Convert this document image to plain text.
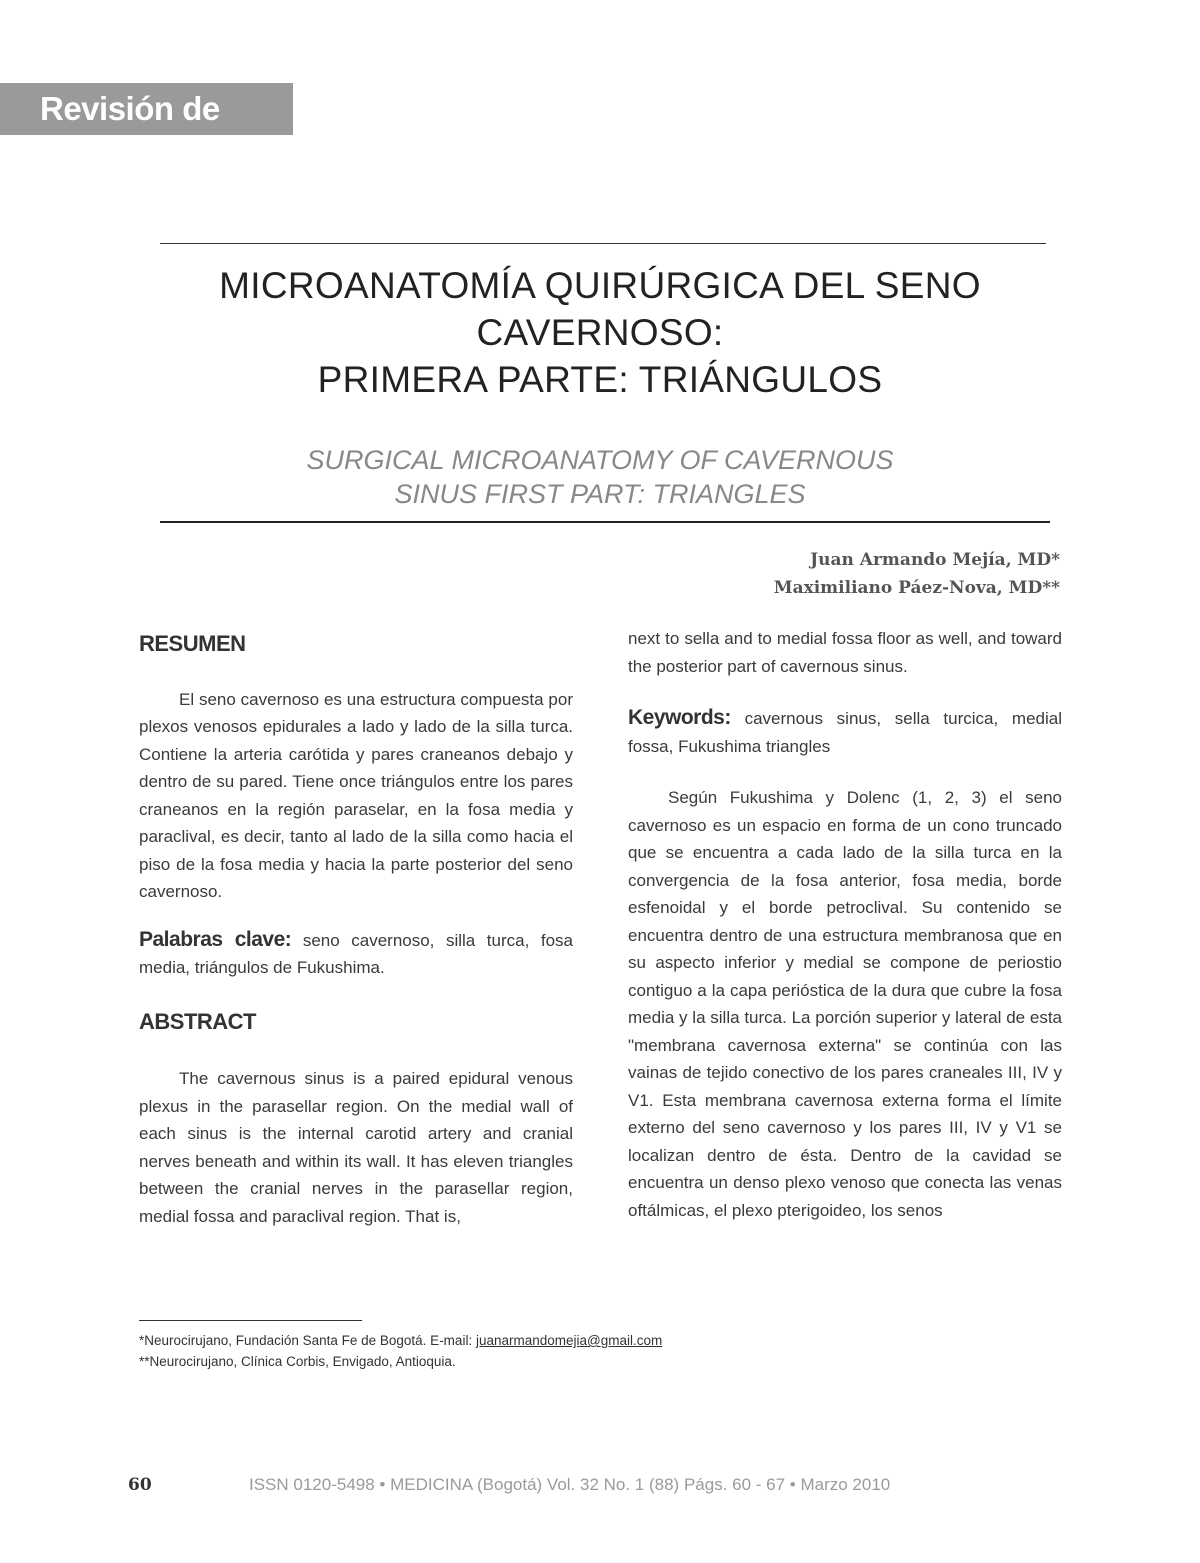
Revisión de tema
MICROANATOMÍA QUIRÚRGICA DEL SENO
CAVERNOSO:
PRIMERA PARTE: TRIÁNGULOS
SURGICAL MICROANATOMY OF CAVERNOUS
SINUS FIRST PART: TRIANGLES
Juan Armando Mejía, MD*
Maximiliano Páez-Nova, MD**
RESUMEN

El seno cavernoso es una estructura compuesta por plexos venosos epidurales a lado y lado de la silla turca. Contiene la arteria carótida y pares craneanos debajo y dentro de su pared. Tiene once triángulos entre los pares craneanos en la región paraselar, en la fosa media y paraclival, es decir, tanto al lado de la silla como hacia el piso de la fosa media y hacia la parte posterior del seno cavernoso.

Palabras clave: seno cavernoso, silla turca, fosa media, triángulos de Fukushima.

ABSTRACT

The cavernous sinus is a paired epidural venous plexus in the parasellar region. On the medial wall of each sinus is the internal carotid artery and cranial nerves beneath and within its wall. It has eleven triangles between the cranial nerves in the parasellar region, medial fossa and paraclival region. That is,

next to sella and to medial fossa floor as well, and toward the posterior part of cavernous sinus.

Keywords: cavernous sinus, sella turcica, medial fossa, Fukushima triangles

Según Fukushima y Dolenc (1, 2, 3) el seno cavernoso es un espacio en forma de un cono truncado que se encuentra a cada lado de la silla turca en la convergencia de la fosa anterior, fosa media, borde esfenoidal y el borde petroclival. Su contenido se encuentra dentro de una estructura membranosa que en su aspecto inferior y medial se compone de periostio contiguo a la capa perióstica de la dura que cubre la fosa media y la silla turca. La porción superior y lateral de esta "membrana cavernosa externa" se continúa con las vainas de tejido conectivo de los pares craneales III, IV y V1. Esta membrana cavernosa externa forma el límite externo del seno cavernoso y los pares III, IV y V1 se localizan dentro de ésta. Dentro de la cavidad se encuentra un denso plexo venoso que conecta las venas oftálmicas, el plexo pterigoideo, los senos

*Neurocirujano, Fundación Santa Fe de Bogotá. E-mail: juanarmandomejia@gmail.com
**Neurocirujano, Clínica Corbis, Envigado, Antioquia.
60	ISSN 0120-5498 • MEDICINA (Bogotá) Vol. 32 No. 1 (88) Págs. 60 - 67 • Marzo 2010
